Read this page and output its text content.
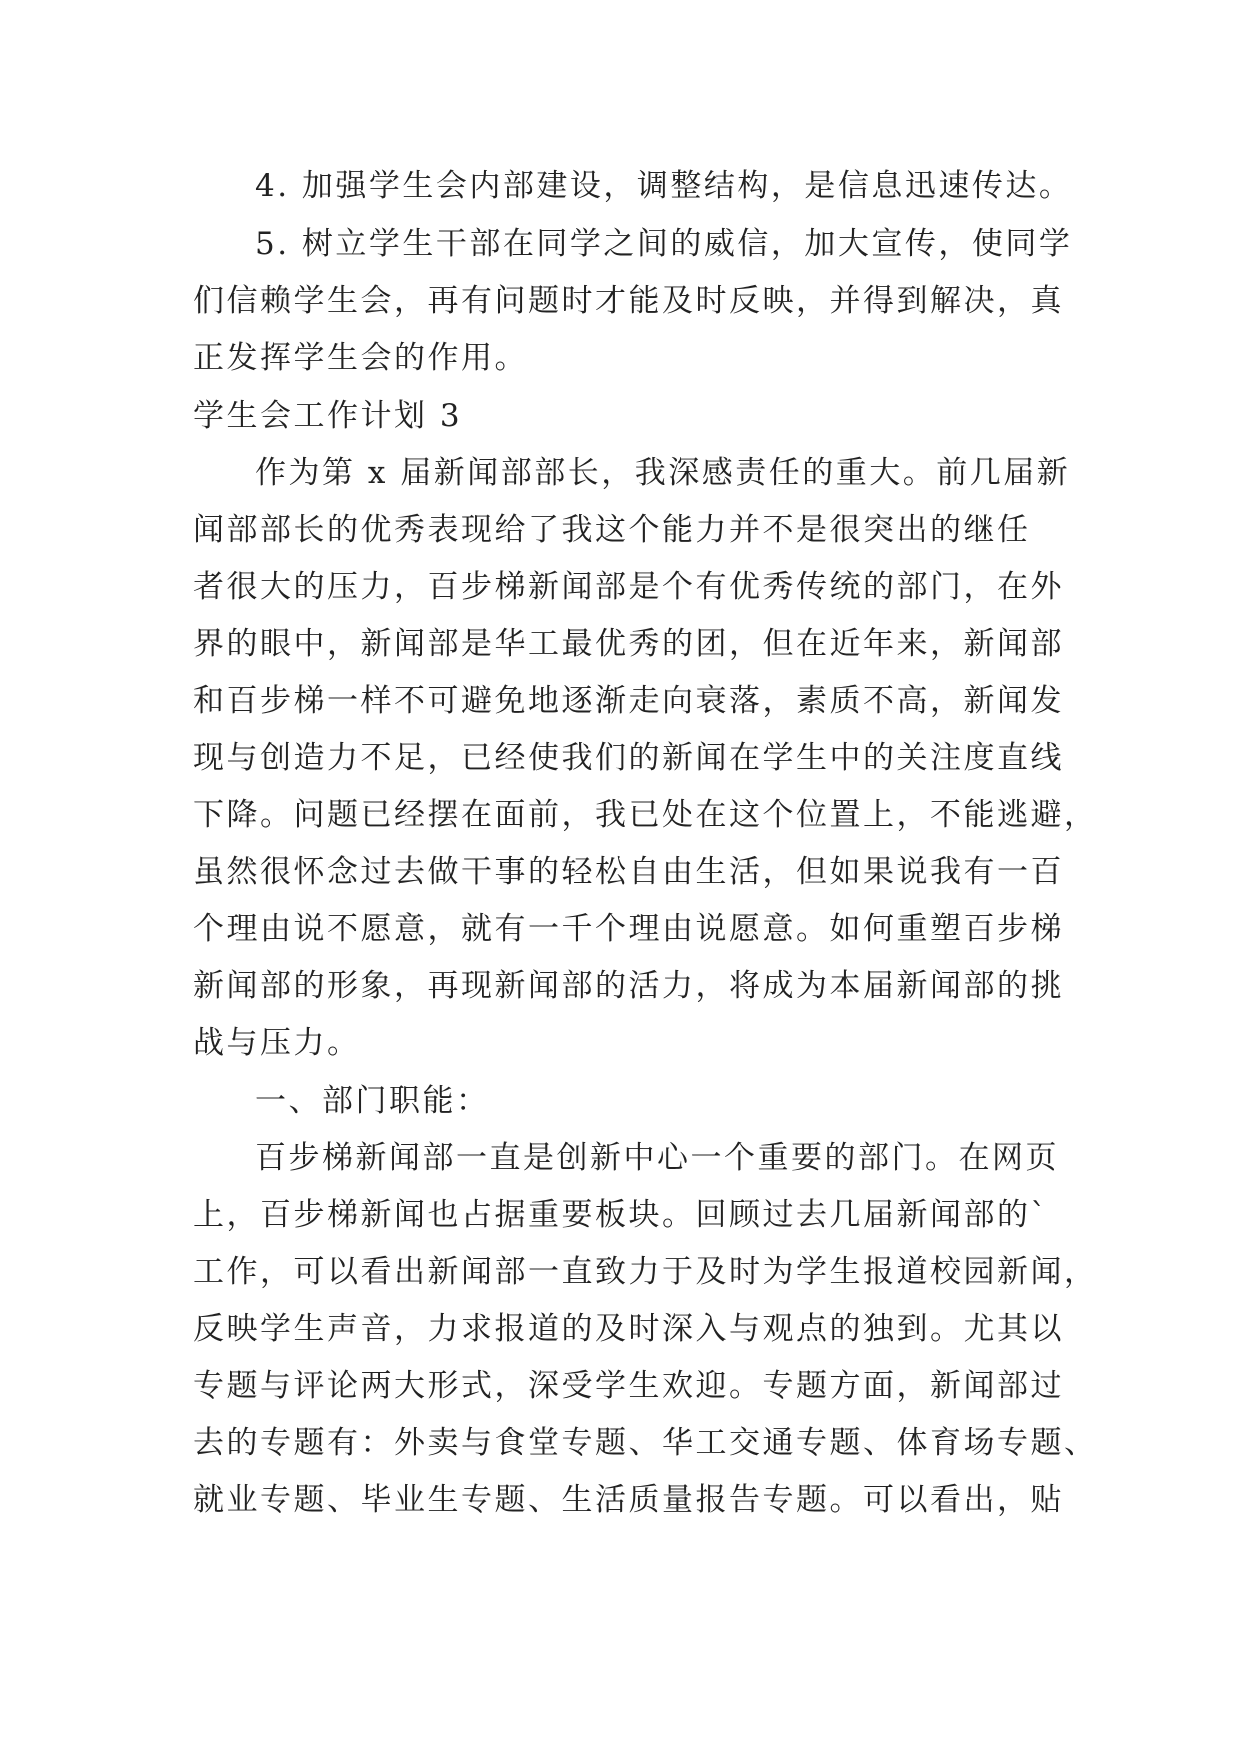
4. 加强学生会内部建设，调整结构，是信息迅速传达。
5. 树立学生干部在同学之间的威信，加大宣传，使同学
们信赖学生会，再有问题时才能及时反映，并得到解决，真
正发挥学生会的作用。
学生会工作计划 3
作为第 x 届新闻部部长，我深感责任的重大。前几届新
闻部部长的优秀表现给了我这个能力并不是很突出的继任
者很大的压力，百步梯新闻部是个有优秀传统的部门，在外
界的眼中，新闻部是华工最优秀的团，但在近年来，新闻部
和百步梯一样不可避免地逐渐走向衰落，素质不高，新闻发
现与创造力不足，已经使我们的新闻在学生中的关注度直线
下降。问题已经摆在面前，我已处在这个位置上，不能逃避，
虽然很怀念过去做干事的轻松自由生活，但如果说我有一百
个理由说不愿意，就有一千个理由说愿意。如何重塑百步梯
新闻部的形象，再现新闻部的活力，将成为本届新闻部的挑
战与压力。
一、部门职能：
百步梯新闻部一直是创新中心一个重要的部门。在网页
上，百步梯新闻也占据重要板块。回顾过去几届新闻部的`
工作，可以看出新闻部一直致力于及时为学生报道校园新闻，
反映学生声音，力求报道的及时深入与观点的独到。尤其以
专题与评论两大形式，深受学生欢迎。专题方面，新闻部过
去的专题有：外卖与食堂专题、华工交通专题、体育场专题、
就业专题、毕业生专题、生活质量报告专题。可以看出，贴
